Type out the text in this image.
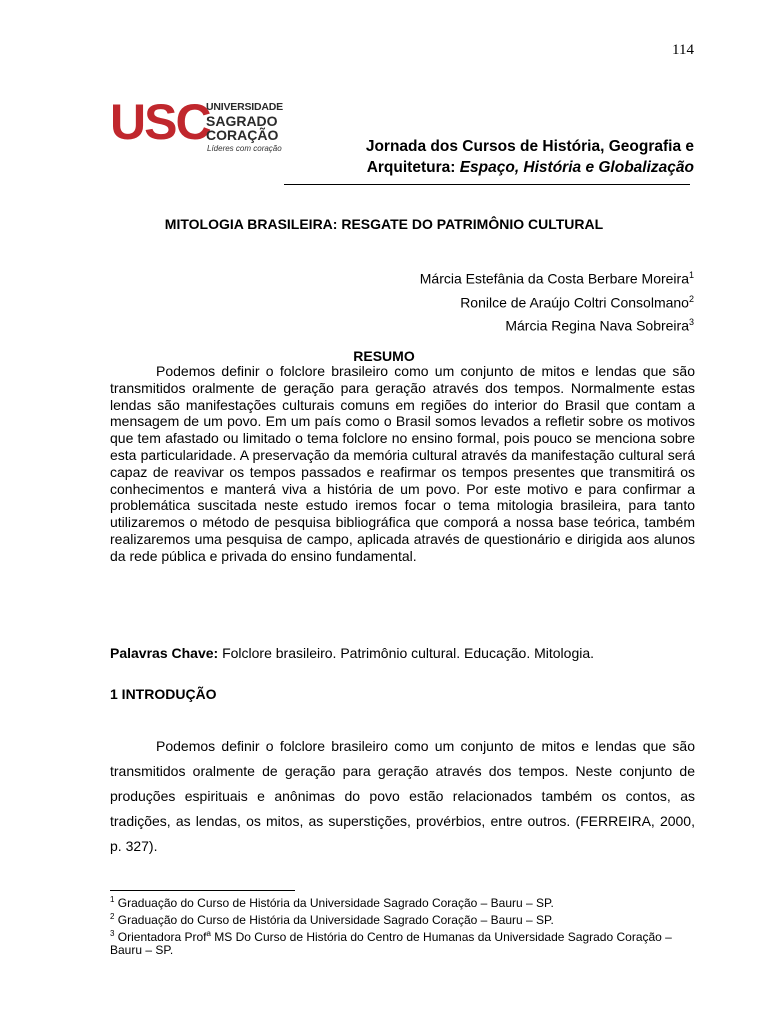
114
USC
UNIVERSIDADE
SAGRADO
CORAÇÃO
Líderes com coração	Jornada dos Cursos de História, Geografia e
Arquitetura: Espaço, História e Globalização
MITOLOGIA BRASILEIRA: RESGATE DO PATRIMÔNIO CULTURAL
Márcia Estefânia da Costa Berbare Moreira$^1$
Ronilce de Araújo Coltri Consolmano$^2$
Márcia Regina Nava Sobreira$^3$
RESUMO

Podemos definir o folclore brasileiro como um conjunto de mitos e lendas que são transmitidos oralmente de geração para geração através dos tempos. Normalmente estas lendas são manifestações culturais comuns em regiões do interior do Brasil que contam a mensagem de um povo. Em um país como o Brasil somos levados a refletir sobre os motivos que tem afastado ou limitado o tema folclore no ensino formal, pois pouco se menciona sobre esta particularidade. A preservação da memória cultural através da manifestação cultural será capaz de reavivar os tempos passados e reafirmar os tempos presentes que transmitirá os conhecimentos e manterá viva a história de um povo. Por este motivo e para confirmar a problemática suscitada neste estudo iremos focar o tema mitologia brasileira, para tanto utilizaremos o método de pesquisa bibliográfica que comporá a nossa base teórica, também realizaremos uma pesquisa de campo, aplicada através de questionário e dirigida aos alunos da rede pública e privada do ensino fundamental.

Palavras Chave: Folclore brasileiro. Patrimônio cultural. Educação. Mitologia.
1 INTRODUÇÃO

Podemos definir o folclore brasileiro como um conjunto de mitos e lendas que são transmitidos oralmente de geração para geração através dos tempos. Neste conjunto de produções espirituais e anônimas do povo estão relacionados também os contos, as tradições, as lendas, os mitos, as superstições, provérbios, entre outros. (FERREIRA, 2000, p. 327).

$^1$ Graduação do Curso de História da Universidade Sagrado Coração – Bauru – SP.
$^2$ Graduação do Curso de História da Universidade Sagrado Coração – Bauru – SP.
$^3$ Orientadora Prof$^a$ MS Do Curso de História do Centro de Humanas da Universidade Sagrado Coração – Bauru – SP.
